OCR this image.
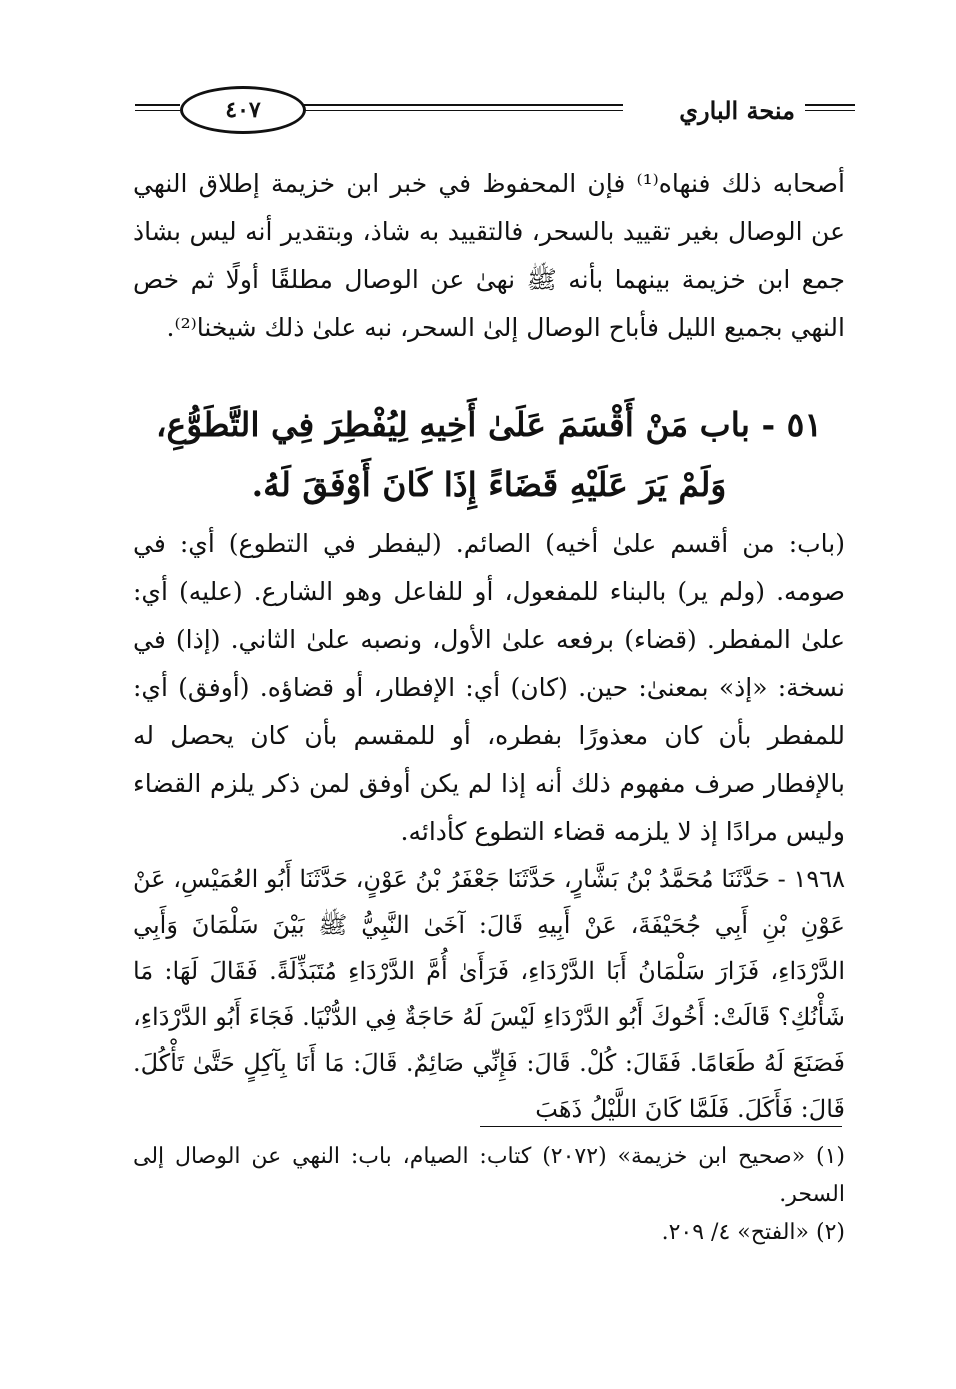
٤٠٧	منحة الباري

أصحابه ذلك فنهاه⁽¹⁾ فإن المحفوظ في خبر ابن خزيمة إطلاق النهي عن الوصال بغير تقييد بالسحر، فالتقييد به شاذ، وبتقدير أنه ليس بشاذ جمع ابن خزيمة بينهما بأنه ﷺ نهىٰ عن الوصال مطلقًا أولًا ثم خص النهي بجميع الليل فأباح الوصال إلىٰ السحر، نبه علىٰ ذلك شيخنا⁽²⁾.

٥١ - باب مَنْ أَقْسَمَ عَلَىٰ أَخِيهِ لِيُفْطِرَ فِي التَّطَوُّعِ، وَلَمْ يَرَ عَلَيْهِ قَضَاءً إِذَا كَانَ أَوْفَقَ لَهُ.

(باب: من أقسم علىٰ أخيه) الصائم. (ليفطر في التطوع) أي: في صومه. (ولم ير) بالبناء للمفعول، أو للفاعل وهو الشارع. (عليه) أي: علىٰ المفطر. (قضاء) برفعه علىٰ الأول، ونصبه علىٰ الثاني. (إذا) في نسخة: «إذ» بمعنىٰ: حين. (كان) أي: الإفطار، أو قضاؤه. (أوفق) أي: للمفطر بأن كان معذورًا بفطره، أو للمقسم بأن كان يحصل له بالإفطار صرف مفهوم ذلك أنه إذا لم يكن أوفق لمن ذكر يلزم القضاء وليس مرادًا إذ لا يلزمه قضاء التطوع كأدائه.

١٩٦٨ - حَدَّثَنَا مُحَمَّدُ بْنُ بَشَّارٍ، حَدَّثَنَا جَعْفَرُ بْنُ عَوْنٍ، حَدَّثَنَا أَبُو العُمَيْسِ، عَنْ عَوْنِ بْنِ أَبِي جُحَيْفَةَ، عَنْ أَبِيهِ قَالَ: آخَىٰ النَّبِيُّ ﷺ بَيْنَ سَلْمَانَ وَأَبِي الدَّرْدَاءِ، فَزَارَ سَلْمَانُ أَبَا الدَّرْدَاءِ، فَرَأَىٰ أُمَّ الدَّرْدَاءِ مُتَبَذِّلَةً. فَقَالَ لَهَا: مَا شَأْنُكِ؟ قَالَتْ: أَخُوكَ أَبُو الدَّرْدَاءِ لَيْسَ لَهُ حَاجَةٌ فِي الدُّنْيَا. فَجَاءَ أَبُو الدَّرْدَاءِ، فَصَنَعَ لَهُ طَعَامًا. فَقَالَ: كُلْ. قَالَ: فَإِنِّي صَائِمٌ. قَالَ: مَا أَنَا بِآكِلٍ حَتَّىٰ تَأْكُلَ. قَالَ: فَأَكَلَ. فَلَمَّا كَانَ اللَّيْلُ ذَهَبَ

(١) «صحيح ابن خزيمة» (٢٠٧٢) كتاب: الصيام، باب: النهي عن الوصال إلى السحر.

(٢) «الفتح» ٤/ ٢٠٩.
